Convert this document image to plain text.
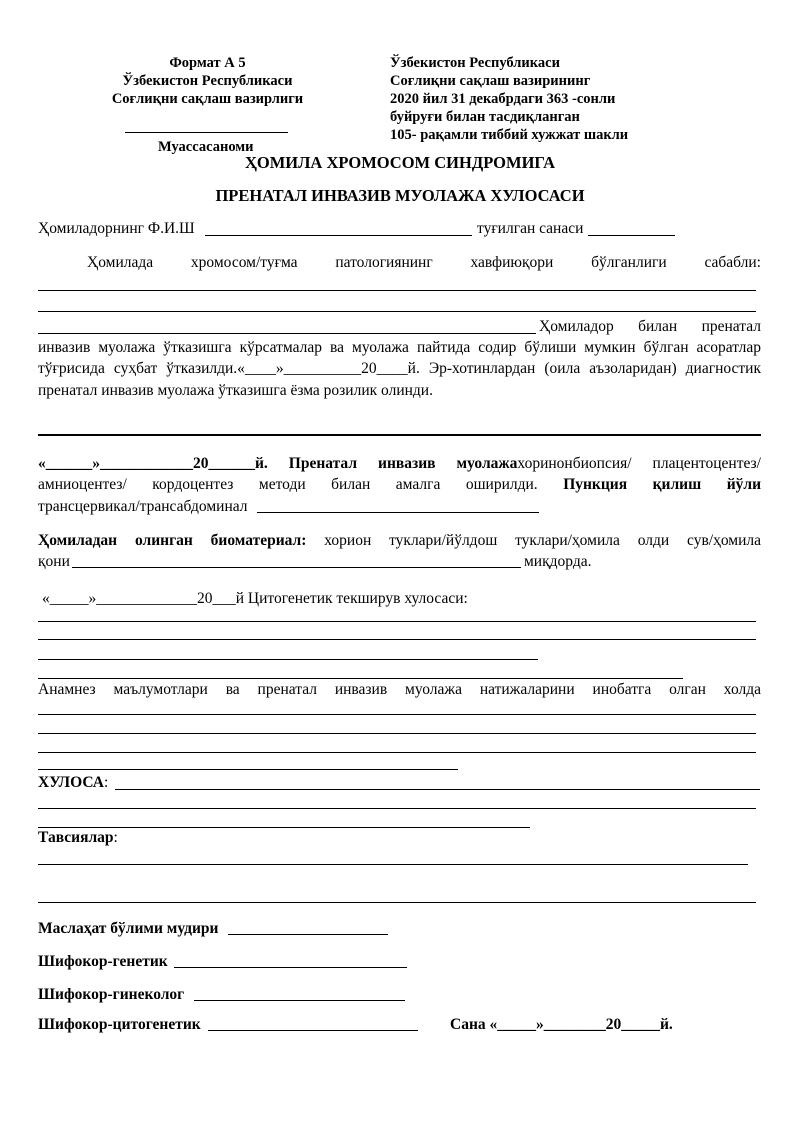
Формат А 5
Ўзбекистон Республикаси
Соғлиқни сақлаш вазирлиги
Муассасаноми
Ўзбекистон Республикаси
Соғлиқни сақлаш вазирининг
2020 йил 31 декабрдаги 363 -сонли
буйруғи билан тасдиқланган
105- рақамли тиббий хужжат шакли
ҲОМИЛА ХРОМОСОМ СИНДРОМИГА
ПРЕНАТАЛ ИНВАЗИВ МУОЛАЖА ХУЛОСАСИ
Ҳомиладорнинг Ф.И.Ш	туғилган санаси
Ҳомилада хромосом/туғма патологиянинг хавфиюқори бўлганлиги сабабли:
Ҳомиладор билан пренатал
инвазив муолажа ўтказишга кўрсатмалар ва муолажа пайтида содир бўлиши мумкин бўлган асоратлар
тўғрисида суҳбат ўтказилди.«____»__________20____й. Эр-хотинлардан (оила аъзоларидан) диагностик
пренатал инвазив муолажа ўтказишга ёзма розилик олинди.
«______»____________20______й. Пренатал инвазив муолажахоринонбиопсия/ плацентоцентез/
амниоцентез/ кордоцентез методи билан амалга оширилди. Пункция қилиш йўли
трансцервикал/трансабдоминал
Ҳомиладан олинган биоматериал: хорион туклари/йўлдош туклари/ҳомила олди сув/ҳомила
қони	миқдорда.
«_____»_____________20___й Цитогенетик текширув хулосаси:
Анамнез маълумотлари ва пренатал инвазив муолажа натижаларини инобатга олган холда
ХУЛОСА:
Тавсиялар:
Маслаҳат бўлими мудири
Шифокор-генетик
Шифокор-гинеколог
Шифокор-цитогенетик	Сана «_____»________20_____й.
